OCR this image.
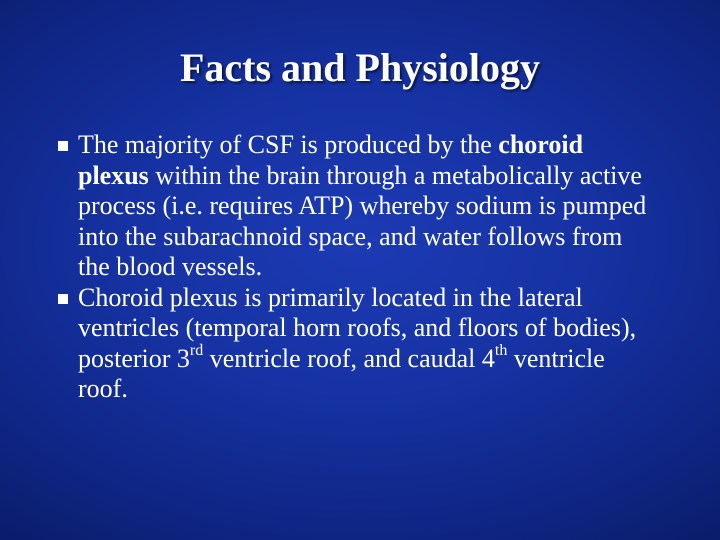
Facts and Physiology
The majority of CSF is produced by the choroid plexus within the brain through a metabolically active process (i.e. requires ATP) whereby sodium is pumped into the subarachnoid space, and water follows from the blood vessels.
Choroid plexus is primarily located in the lateral ventricles (temporal horn roofs, and floors of bodies), posterior 3rd ventricle roof, and caudal 4th ventricle roof.
